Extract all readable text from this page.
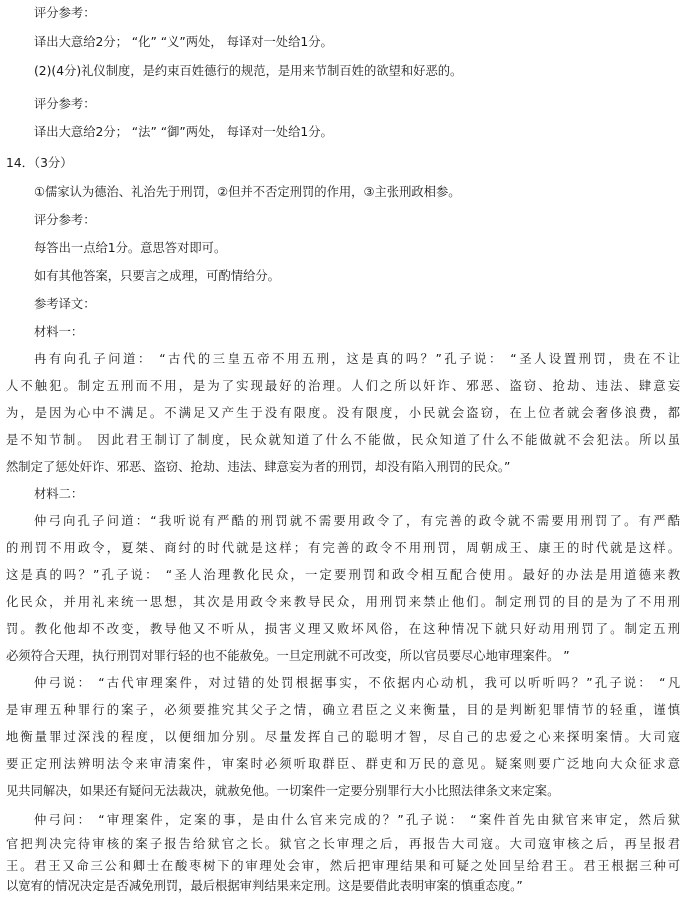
评分参考：
译出大意给2分； “化” “义”两处， 每译对一处给1分。
(2)(4分)礼仪制度，是约束百姓德行的规范，是用来节制百姓的欲望和好恶的。
评分参考：
译出大意给2分； “法” “御”两处， 每译对一处给1分。
14．（3分）
①儒家认为德治、礼治先于刑罚，②但并不否定刑罚的作用，③主张刑政相参。
评分参考：
每答出一点给1分。意思答对即可。
如有其他答案，只要言之成理，可酌情给分。
参考译文：
材料一：
冉有向孔子问道： “古代的三皇五帝不用五刑，这是真的吗？”孔子说： “圣人设置刑罚，贵在不让
人不触犯。制定五刑而不用，是为了实现最好的治理。人们之所以奸诈、邪恶、盗窃、抢劫、违法、肆意妄
为，是因为心中不满足。不满足又产生于没有限度。没有限度，小民就会盗窃，在上位者就会奢侈浪费，都
是不知节制。 因此君王制订了制度，民众就知道了什么不能做，民众知道了什么不能做就不会犯法。所以虽
然制定了惩处奸诈、邪恶、盗窃、抢劫、违法、肆意妄为者的刑罚，却没有陷入刑罚的民众。”
材料二：
仲弓向孔子问道：“我听说有严酷的刑罚就不需要用政令了，有完善的政令就不需要用刑罚了。有严酷
的刑罚不用政令，夏桀、商纣的时代就是这样；有完善的政令不用刑罚，周朝成王、康王的时代就是这样。
这是真的吗？”孔子说： “圣人治理教化民众，一定要刑罚和政令相互配合使用。最好的办法是用道德来教
化民众，并用礼来统一思想，其次是用政令来教导民众，用刑罚来禁止他们。制定刑罚的目的是为了不用刑
罚。教化他却不改变，教导他又不听从，损害义理又败坏风俗，在这种情况下就只好动用刑罚了。制定五刑
必须符合天理，执行刑罚对罪行轻的也不能赦免。一旦定刑就不可改变，所以官员要尽心地审理案件。 ”
仲弓说： “古代审理案件，对过错的处罚根据事实，不依据内心动机，我可以听听吗？”孔子说： “凡
是审理五种罪行的案子，必须要推究其父子之情，确立君臣之义来衡量，目的是判断犯罪情节的轻重，谨慎
地衡量罪过深浅的程度，以便细加分别。尽量发挥自己的聪明才智，尽自己的忠爱之心来探明案情。大司寇
要正定刑法辨明法令来审清案件，审案时必须听取群臣、群吏和万民的意见。疑案则要广泛地向大众征求意
见共同解决，如果还有疑问无法裁决，就赦免他。一切案件一定要分别罪行大小比照法律条文来定案。
仲弓问： “审理案件，定案的事，是由什么官来完成的？”孔子说： “案件首先由狱官来审定，然后狱
官把判决完待审核的案子报告给狱官之长。狱官之长审理之后，再报告大司寇。大司寇审核之后，再呈报君
王。君王又命三公和卿士在酸枣树下的审理处会审，然后把审理结果和可疑之处回呈给君王。君王根据三种可
以宽宥的情况决定是否减免刑罚，最后根据审判结果来定刑。这是要借此表明审案的慎重态度。”
